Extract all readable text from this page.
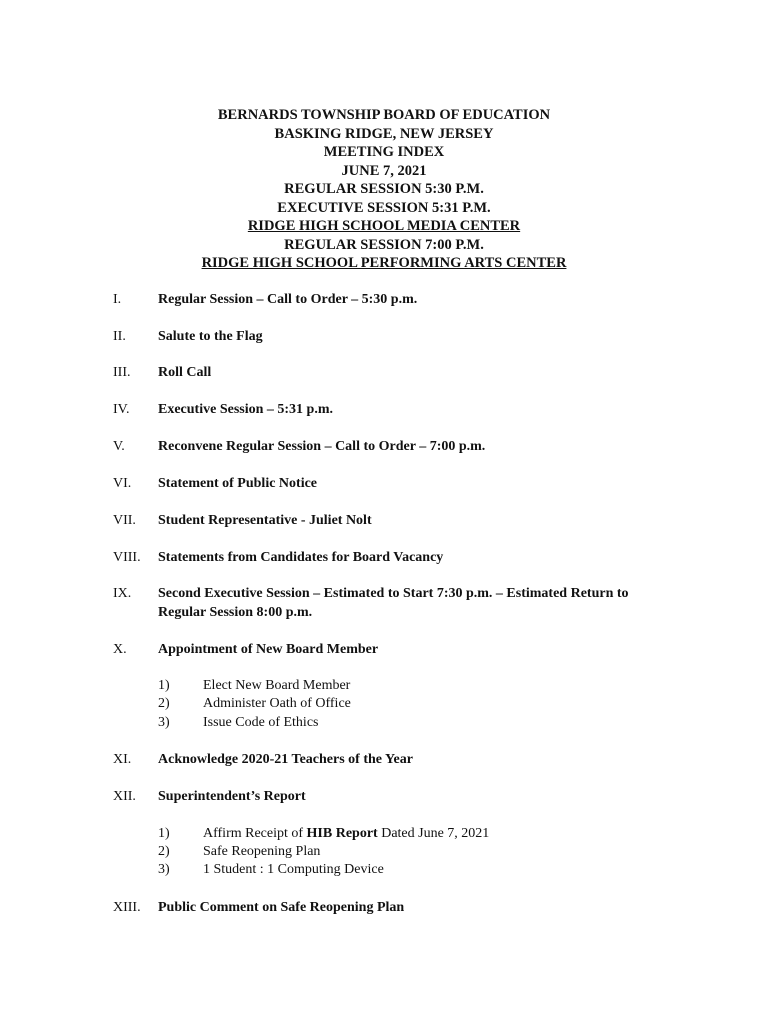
BERNARDS TOWNSHIP BOARD OF EDUCATION
BASKING RIDGE, NEW JERSEY
MEETING INDEX
JUNE 7, 2021
REGULAR SESSION 5:30 P.M.
EXECUTIVE SESSION 5:31 P.M.
RIDGE HIGH SCHOOL MEDIA CENTER
REGULAR SESSION 7:00 P.M.
RIDGE HIGH SCHOOL PERFORMING ARTS CENTER
I.	Regular Session – Call to Order – 5:30 p.m.
II. Salute to the Flag
III. Roll Call
IV. Executive Session – 5:31 p.m.
V. Reconvene Regular Session – Call to Order – 7:00 p.m.
VI. Statement of Public Notice
VII. Student Representative - Juliet Nolt
VIII. Statements from Candidates for Board Vacancy
IX. Second Executive Session – Estimated to Start 7:30 p.m. – Estimated Return to Regular Session 8:00 p.m.
X. Appointment of New Board Member
1) Elect New Board Member
2) Administer Oath of Office
3) Issue Code of Ethics
XI. Acknowledge 2020-21 Teachers of the Year
XII. Superintendent’s Report
1) Affirm Receipt of HIB Report Dated June 7, 2021
2) Safe Reopening Plan
3) 1 Student : 1 Computing Device
XIII. Public Comment on Safe Reopening Plan
